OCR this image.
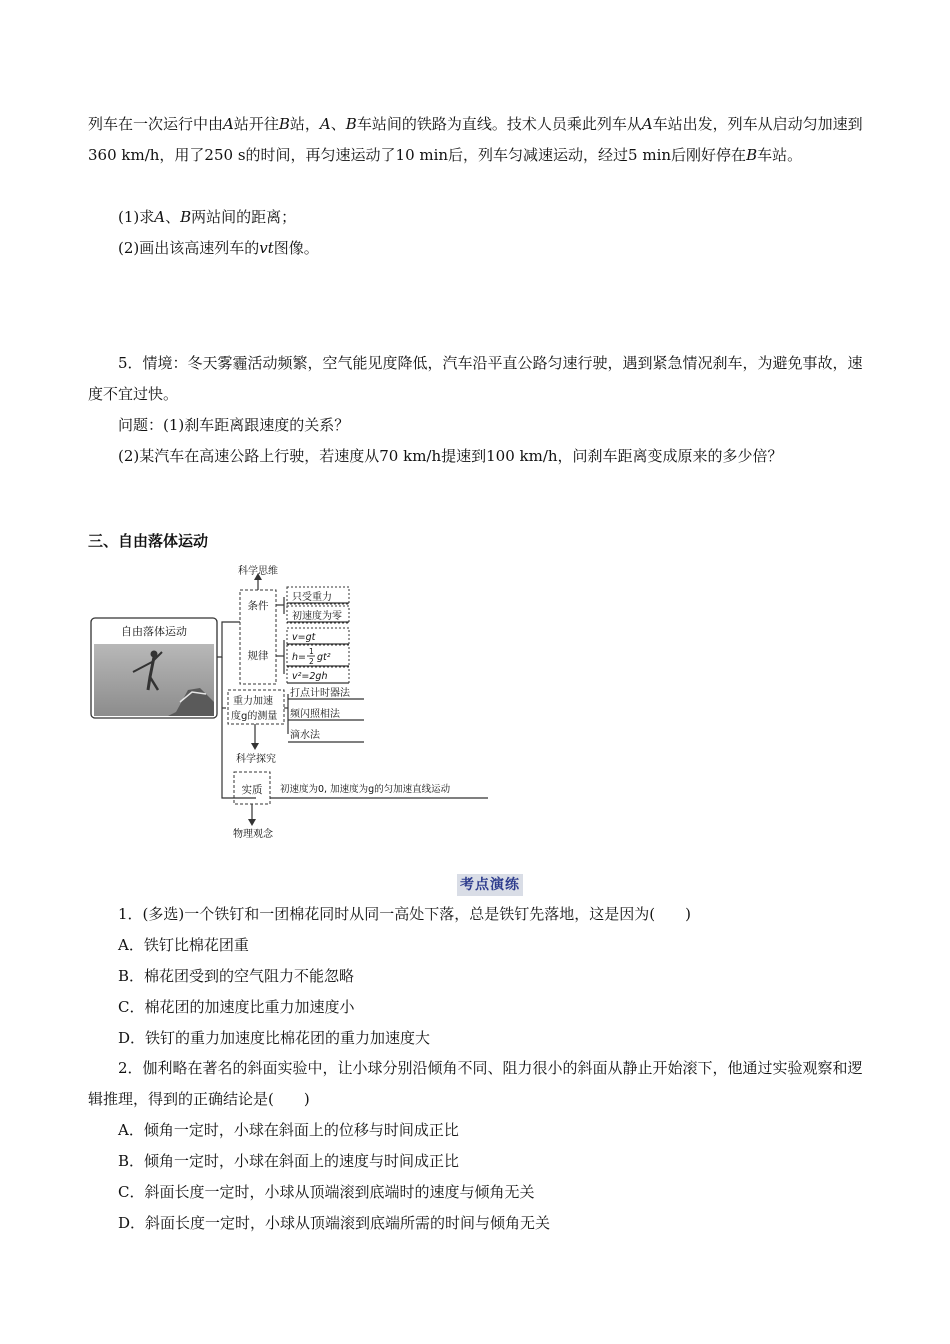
列车在一次运行中由A站开往B站，A、B车站间的铁路为直线。技术人员乘此列车从A车站出发，列车从启动匀加速到360 km/h，用了250 s的时间，再匀速运动了10 min后，列车匀减速运动，经过5 min后刚好停在B车站。

(1)求A、B两站间的距离；

(2)画出该高速列车的vt图像。

5．情境：冬天雾霾活动频繁，空气能见度降低，汽车沿平直公路匀速行驶，遇到紧急情况刹车，为避免事故，速度不宜过快。

问题：(1)刹车距离跟速度的关系？

(2)某汽车在高速公路上行驶，若速度从70 km/h提速到100 km/h，问刹车距离变成原来的多少倍？

三、自由落体运动

自由落体运动
科学思维
条件
规律
只受重力
初速度为零
v=gt
h=
1
2 gt²
v²=2gh
重力加速
度g的测量
打点计时器法
频闪照相法
滴水法
科学探究
实质 初速度为0, 加速度为g的匀加速直线运动
物理观念
考点演练

1．(多选)一个铁钉和一团棉花同时从同一高处下落，总是铁钉先落地，这是因为(　　)

A．铁钉比棉花团重

B．棉花团受到的空气阻力不能忽略

C．棉花团的加速度比重力加速度小

D．铁钉的重力加速度比棉花团的重力加速度大

2．伽利略在著名的斜面实验中，让小球分别沿倾角不同、阻力很小的斜面从静止开始滚下，他通过实验观察和逻辑推理，得到的正确结论是(　　)

A．倾角一定时，小球在斜面上的位移与时间成正比

B．倾角一定时，小球在斜面上的速度与时间成正比

C．斜面长度一定时，小球从顶端滚到底端时的速度与倾角无关

D．斜面长度一定时，小球从顶端滚到底端所需的时间与倾角无关
